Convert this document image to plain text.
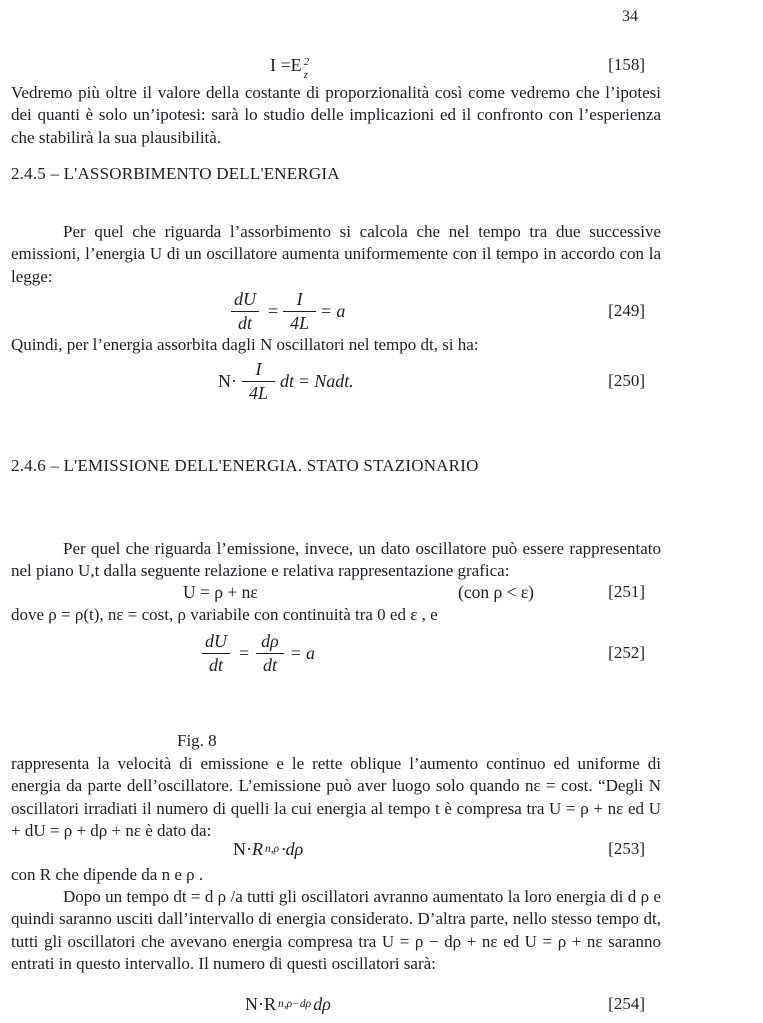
34
I = E 2
z
[158]
Vedremo più oltre il valore della costante di proporzionalità così come vedremo che l’ipotesi dei quanti è solo un’ipotesi: sarà lo studio delle implicazioni ed il confronto con l’esperienza che stabilirà la sua plausibilità.
2.4.5 – L'ASSORBIMENTO DELL'ENERGIA
Per quel che riguarda l’assorbimento si calcola che nel tempo tra due successive emissioni, l’energia U di un oscillatore aumenta uniformemente con il tempo in accordo con la legge:
$\frac{dU}{dt} = \frac{I}{4L} = a$	[249]
Quindi, per l’energia assorbita dagli N oscillatori nel tempo dt, si ha:
$N\cdot \frac{I}{4L}$ dt = Nadt.	[250]
2.4.6 – L'EMISSIONE DELL'ENERGIA. STATO STAZIONARIO
Per quel che riguarda l’emissione, invece, un dato oscillatore può essere rappresentato nel piano U,t dalla seguente relazione e relativa rappresentazione grafica:
U = ρ + nε	(con ρ < ε)	[251]
dove ρ = ρ(t), nε = cost, ρ variabile con continuità tra 0 ed ε , e
$\frac{dU}{dt} = \frac{d\rho}{dt} = a$	[252]
Fig. 8
rappresenta la velocità di emissione e le rette oblique l’aumento continuo ed uniforme di energia da parte dell’oscillatore. L’emissione può aver luogo solo quando nε = cost. “Degli N oscillatori irradiati il numero di quelli la cui energia al tempo t è compresa tra U = ρ + nε ed U + dU = ρ + dρ + nε è dato da:
N· R n,ρ ·dρ	[253]
con R che dipende da n e ρ .
Dopo un tempo dt = d ρ /a tutti gli oscillatori avranno aumentato la loro energia di d ρ e quindi saranno usciti dall’intervallo di energia considerato. D’altra parte, nello stesso tempo dt, tutti gli oscillatori che avevano energia compresa tra U = ρ − dρ + nε ed U = ρ + nε saranno entrati in questo intervallo. Il numero di questi oscillatori sarà:
N·R n,ρ−dρ dρ	[254]
